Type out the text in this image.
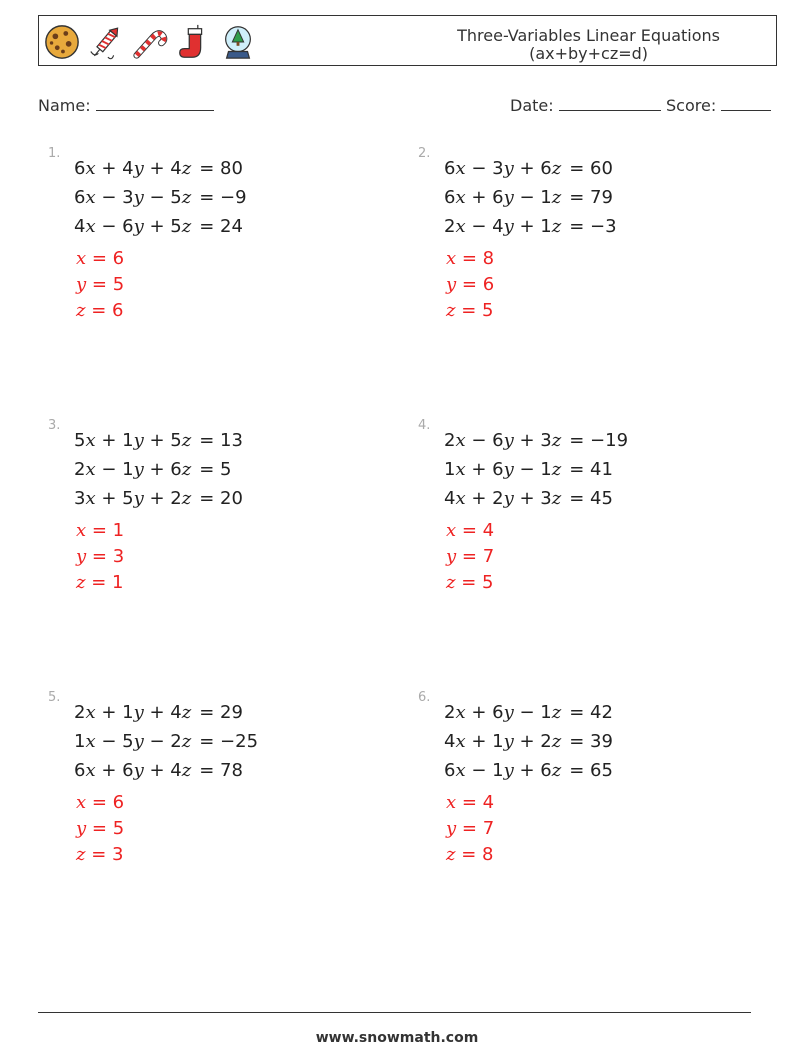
Three-Variables Linear Equations
(ax+by+cz=d)
Name:	Date:	Score:
1.
6x + 4y + 4z = 80
6x − 3y − 5z = −9
4x − 6y + 5z = 24
x = 6
y = 5
z = 6
2.
6x − 3y + 6z = 60
6x + 6y − 1z = 79
2x − 4y + 1z = −3
x = 8
y = 6
z = 5
3.
5x + 1y + 5z = 13
2x − 1y + 6z = 5
3x + 5y + 2z = 20
x = 1
y = 3
z = 1
4.
2x − 6y + 3z = −19
1x + 6y − 1z = 41
4x + 2y + 3z = 45
x = 4
y = 7
z = 5
5.
2x + 1y + 4z = 29
1x − 5y − 2z = −25
6x + 6y + 4z = 78
x = 6
y = 5
z = 3
6.
2x + 6y − 1z = 42
4x + 1y + 2z = 39
6x − 1y + 6z = 65
x = 4
y = 7
z = 8
www.snowmath.com
